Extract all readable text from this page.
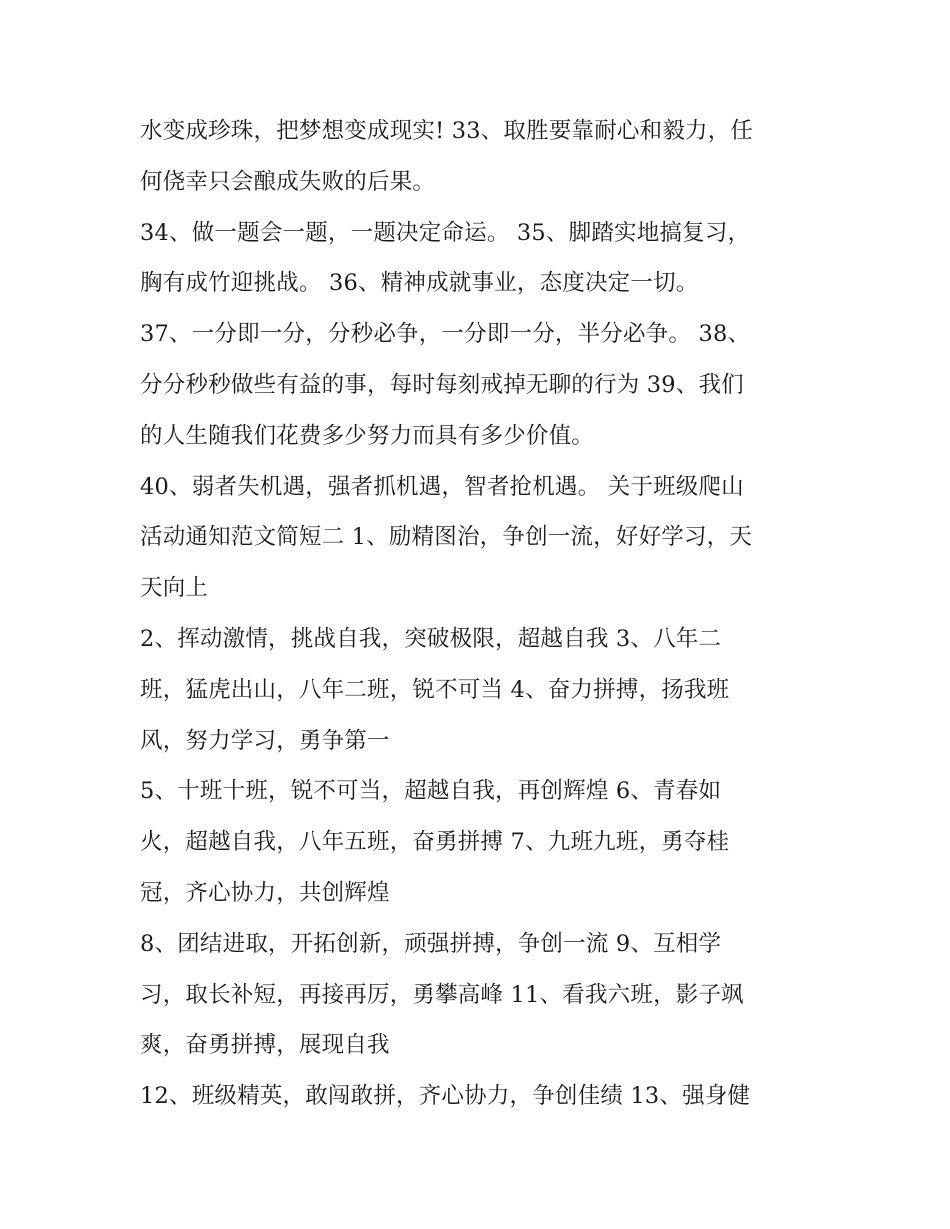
水变成珍珠，把梦想变成现实! 33、取胜要靠耐心和毅力，任
何侥幸只会酿成失败的后果。
34、做一题会一题，一题决定命运。 35、脚踏实地搞复习，
胸有成竹迎挑战。 36、精神成就事业，态度决定一切。
37、一分即一分，分秒必争，一分即一分，半分必争。 38、
分分秒秒做些有益的事，每时每刻戒掉无聊的行为 39、我们
的人生随我们花费多少努力而具有多少价值。
40、弱者失机遇，强者抓机遇，智者抢机遇。 关于班级爬山
活动通知范文简短二 1、励精图治，争创一流，好好学习，天
天向上
2、挥动激情，挑战自我，突破极限，超越自我 3、八年二
班，猛虎出山，八年二班，锐不可当 4、奋力拼搏，扬我班
风，努力学习，勇争第一
5、十班十班，锐不可当，超越自我，再创辉煌 6、青春如
火，超越自我，八年五班，奋勇拼搏 7、九班九班，勇夺桂
冠，齐心协力，共创辉煌
8、团结进取，开拓创新，顽强拼搏，争创一流 9、互相学
习，取长补短，再接再厉，勇攀高峰 11、看我六班，影子飒
爽，奋勇拼搏，展现自我
12、班级精英，敢闯敢拼，齐心协力，争创佳绩 13、强身健
